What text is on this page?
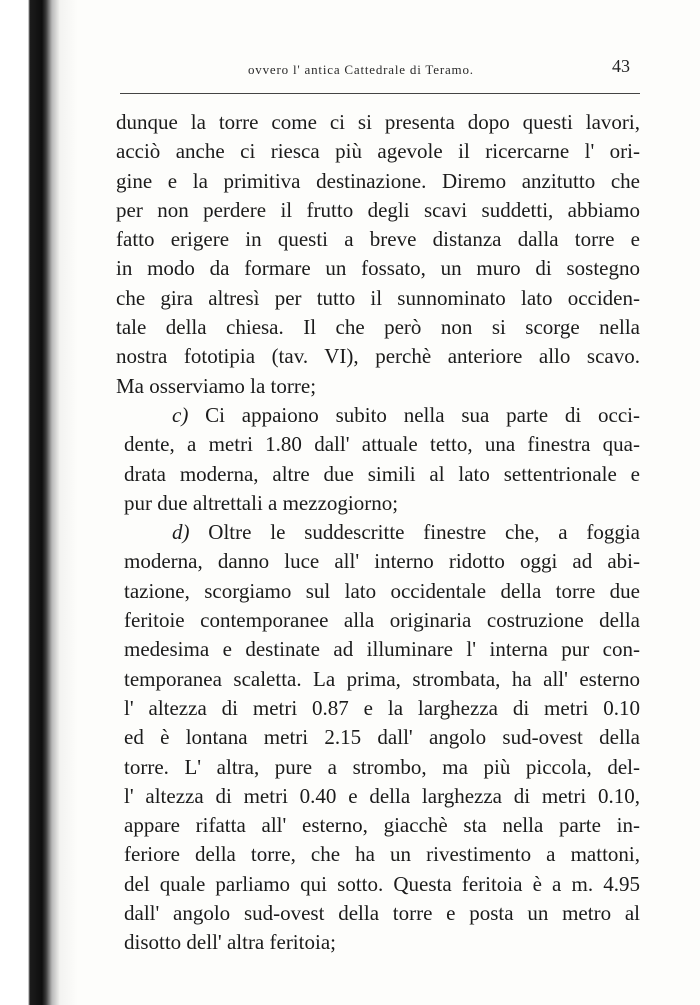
ovvero l' antica Cattedrale di Teramo.	43
dunque la torre come ci si presenta dopo questi lavori,
acciò anche ci riesca più agevole il ricercarne l' ori-
gine e la primitiva destinazione. Diremo anzitutto che
per non perdere il frutto degli scavi suddetti, abbiamo
fatto erigere in questi a breve distanza dalla torre e
in modo da formare un fossato, un muro di sostegno
che gira altresì per tutto il sunnominato lato occiden-
tale della chiesa. Il che però non si scorge nella
nostra fototipia (tav. VI), perchè anteriore allo scavo.
Ma osserviamo la torre;
c) Ci appaiono subito nella sua parte di occi-
dente, a metri 1.80 dall' attuale tetto, una finestra qua-
drata moderna, altre due simili al lato settentrionale e
pur due altrettali a mezzogiorno;
d) Oltre le suddescritte finestre che, a foggia
moderna, danno luce all' interno ridotto oggi ad abi-
tazione, scorgiamo sul lato occidentale della torre due
feritoie contemporanee alla originaria costruzione della
medesima e destinate ad illuminare l' interna pur con-
temporanea scaletta. La prima, strombata, ha all' esterno
l' altezza di metri 0.87 e la larghezza di metri 0.10
ed è lontana metri 2.15 dall' angolo sud-ovest della
torre. L' altra, pure a strombo, ma più piccola, del-
l' altezza di metri 0.40 e della larghezza di metri 0.10,
appare rifatta all' esterno, giacchè sta nella parte in-
feriore della torre, che ha un rivestimento a mattoni,
del quale parliamo qui sotto. Questa feritoia è a m. 4.95
dall' angolo sud-ovest della torre e posta un metro al
disotto dell' altra feritoia;
